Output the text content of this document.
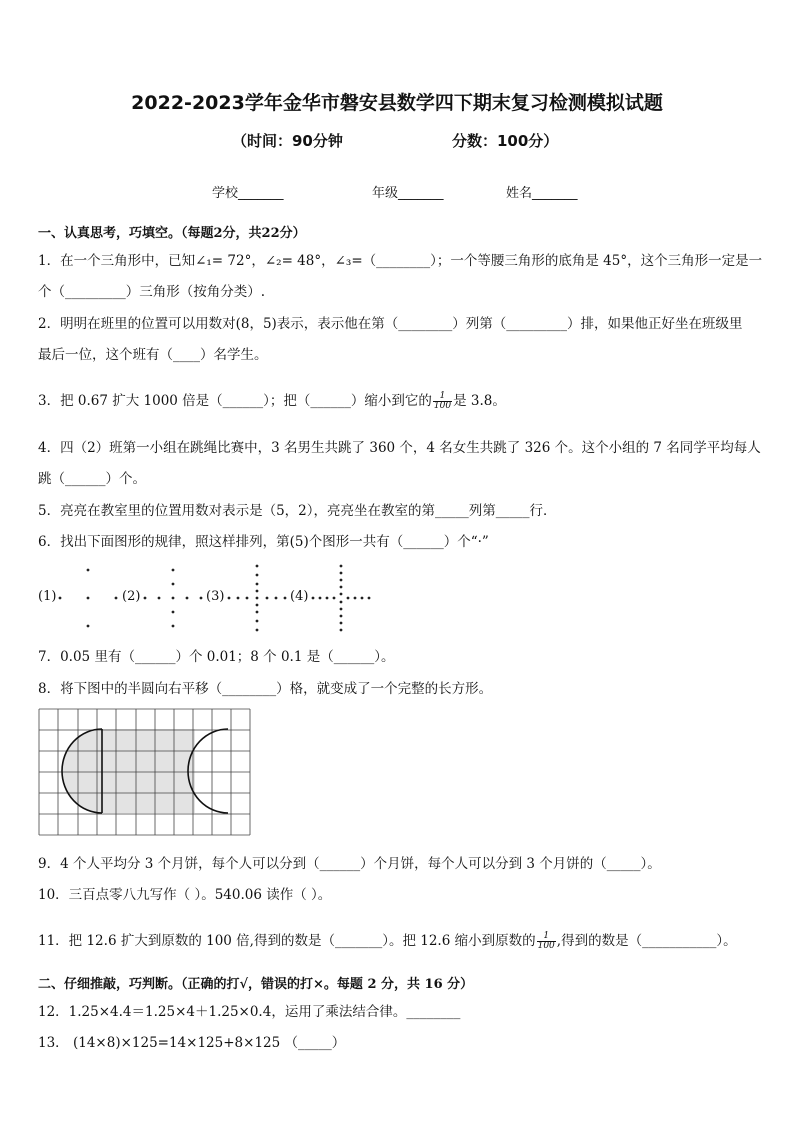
2022-2023学年金华市磐安县数学四下期末复习检测模拟试题
（时间：90分钟	分数：100分）
学校_______	年级_______	姓名_______
一、认真思考，巧填空。（每题2分，共22分）
1．在一个三角形中，已知∠₁= 72°，∠₂= 48°，∠₃=（________）；一个等腰三角形的底角是 45°，这个三角形一定是一
个（_________）三角形（按角分类）.
2．明明在班里的位置可以用数对(8，5)表示，表示他在第（________）列第（_________）排，如果他正好坐在班级里
最后一位，这个班有（____）名学生。
3．把 0.67 扩大 1000 倍是（______）；把（______）缩小到它的 $\frac{1}{100}$ 是 3.8。
4．四（2）班第一小组在跳绳比赛中，3 名男生共跳了 360 个，4 名女生共跳了 326 个。这个小组的 7 名同学平均每人
跳（______）个。
5．亮亮在教室里的位置用数对表示是（5，2），亮亮坐在教室的第_____列第_____行．
6．找出下面图形的规律，照这样排列，第(5)个图形一共有（______）个“·”
(1)	(2)	(3)	(4)
7．0.05 里有（______）个 0.01；8 个 0.1 是（______）。
8．将下图中的半圆向右平移（________）格，就变成了一个完整的长方形。
9．4 个人平均分 3 个月饼，每个人可以分到（______）个月饼，每个人可以分到 3 个月饼的（_____）。
10．三百点零八九写作（ ）。540.06 读作（ ）。
11．把 12.6 扩大到原数的 100 倍,得到的数是（_______）。把 12.6 缩小到原数的 $\frac{1}{100}$ ,得到的数是（___________）。
二、仔细推敲，巧判断。（正确的打√，错误的打×。每题 2 分，共 16 分）
12．1.25×4.4＝1.25×4＋1.25×0.4，运用了乘法结合律。________
13． (14×8)×125=14×125+8×125 （_____）
